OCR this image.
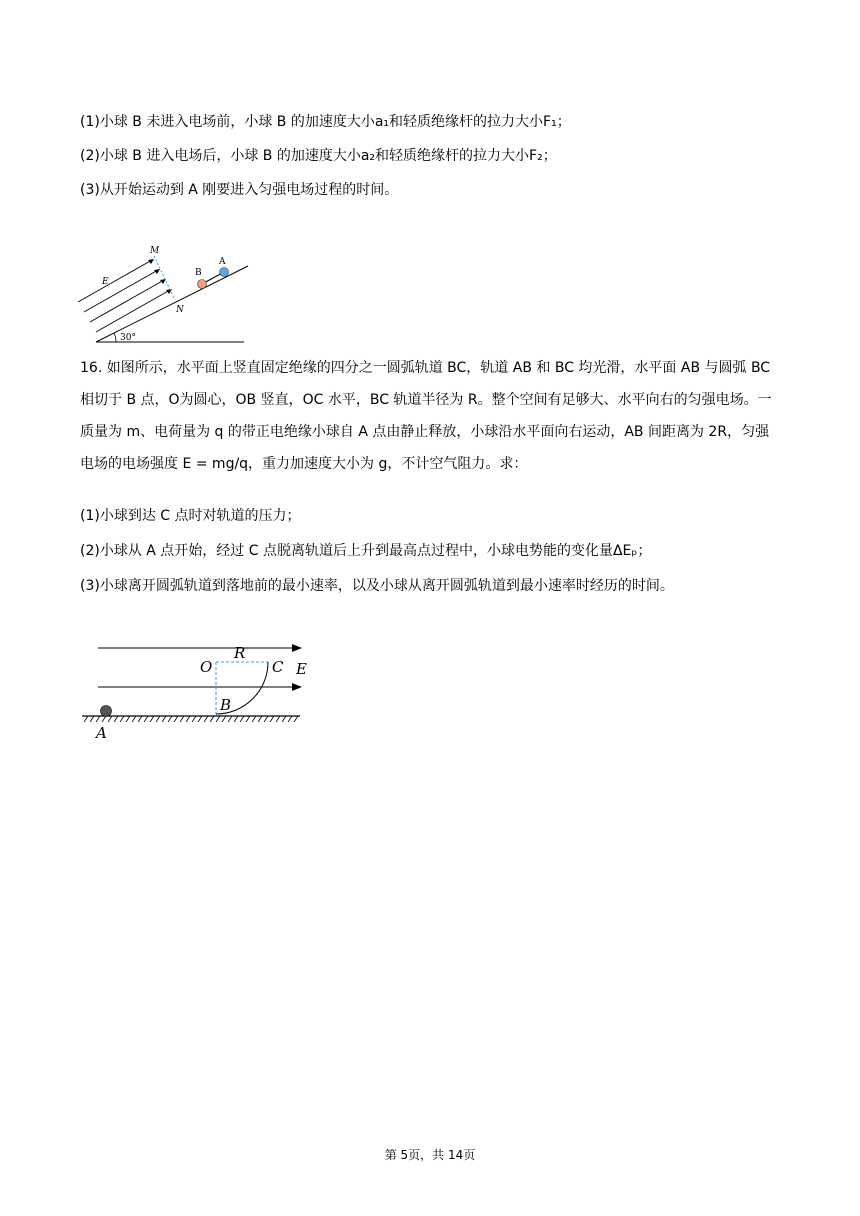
(1)小球 B 未进入电场前，小球 B 的加速度大小a₁和轻质绝缘杆的拉力大小F₁；
(2)小球 B 进入电场后，小球 B 的加速度大小a₂和轻质绝缘杆的拉力大小F₂；
(3)从开始运动到 A 刚要进入匀强电场过程的时间。
30°
M
N
E
B
A
16. 如图所示，水平面上竖直固定绝缘的四分之一圆弧轨道 BC，轨道 AB 和 BC 均光滑，水平面 AB 与圆弧 BC 相切于 B 点，O为圆心，OB 竖直，OC 水平，BC 轨道半径为 R。整个空间有足够大、水平向右的匀强电场。一质量为 m、电荷量为 q 的带正电绝缘小球自 A 点由静止释放，小球沿水平面向右运动，AB 间距离为 2R，匀强电场的电场强度 E = mg/q，重力加速度大小为 g，不计空气阻力。求：
(1)小球到达 C 点时对轨道的压力；
(2)小球从 A 点开始，经过 C 点脱离轨道后上升到最高点过程中，小球电势能的变化量ΔEₚ；
(3)小球离开圆弧轨道到落地前的最小速率，以及小球从离开圆弧轨道到最小速率时经历的时间。
O
R
C E
B
A
第 5页，共 14页
